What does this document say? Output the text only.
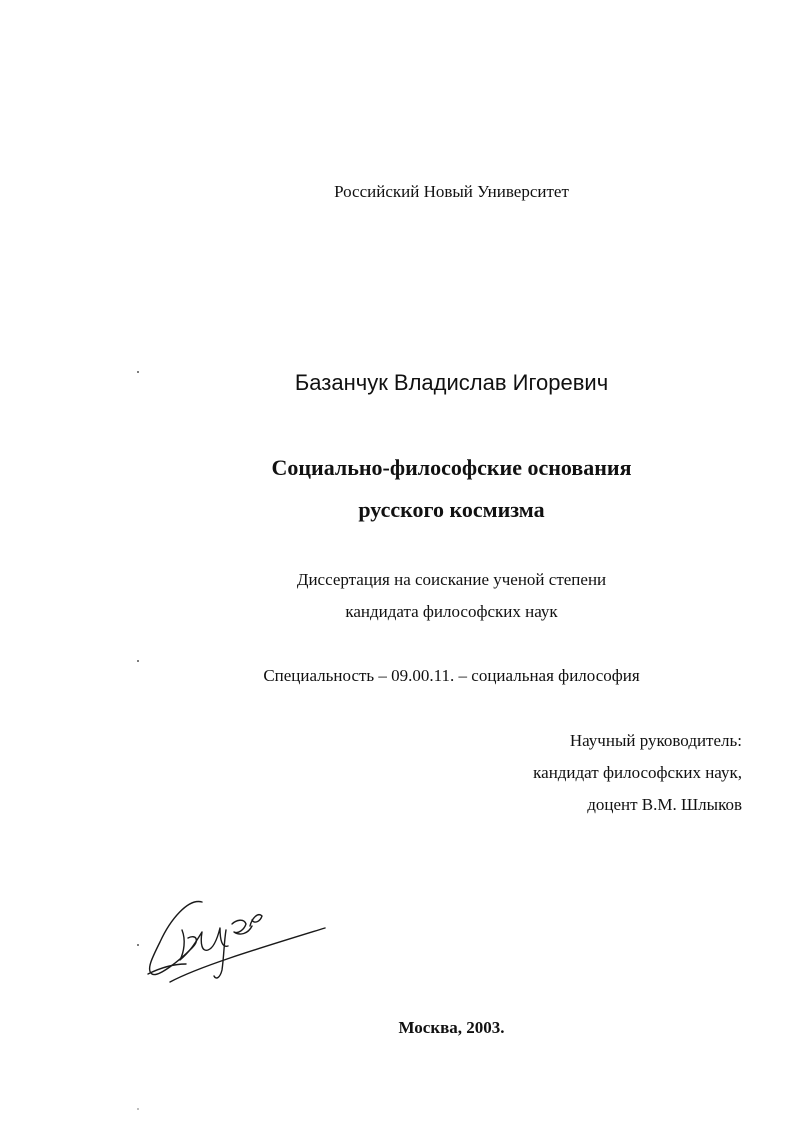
Российский Новый Университет
Базанчук Владислав Игоревич
Социально-философские основания
русского космизма
Диссертация на соискание ученой степени
кандидата философских наук
Специальность – 09.00.11. – социальная философия
Научный руководитель:
кандидат философских наук,
доцент В.М. Шлыков
Москва, 2003.
